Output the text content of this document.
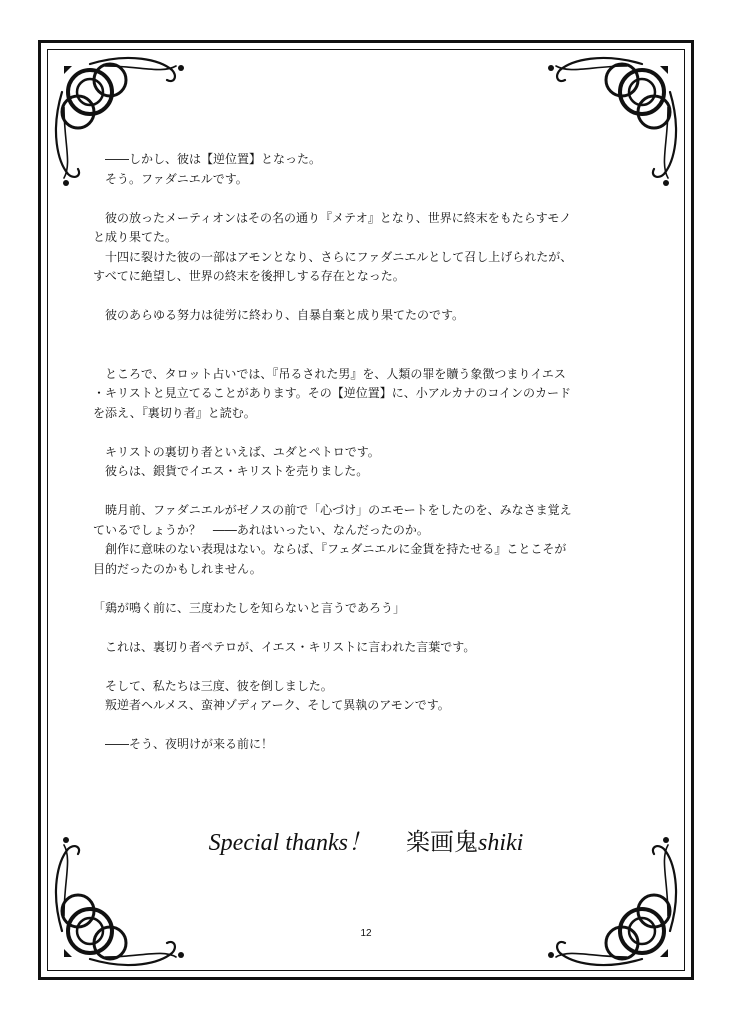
――しかし、彼は【逆位置】となった。
そう。ファダニエルです。

彼の放ったメーティオンはその名の通り『メテオ』となり、世界に終末をもたらすモノ
と成り果てた。
十四に裂けた彼の一部はアモンとなり、さらにファダニエルとして召し上げられたが、
すべてに絶望し、世界の終末を後押しする存在となった。

彼のあらゆる努力は徒労に終わり、自暴自棄と成り果てたのです。

ところで、タロット占いでは、『吊るされた男』を、人類の罪を贖う象徴つまりイエス
・キリストと見立てることがあります。その【逆位置】に、小アルカナのコインのカード
を添え、『裏切り者』と読む。

キリストの裏切り者といえば、ユダとペトロです。
彼らは、銀貨でイエス・キリストを売りました。

暁月前、ファダニエルがゼノスの前で「心づけ」のエモートをしたのを、みなさま覚え
ているでしょうか？　――あれはいったい、なんだったのか。
創作に意味のない表現はない。ならば、『フェダニエルに金貨を持たせる』ことこそが
目的だったのかもしれません。

「鶏が鳴く前に、三度わたしを知らないと言うであろう」

これは、裏切り者ペテロが、イエス・キリストに言われた言葉です。

そして、私たちは三度、彼を倒しました。
叛逆者ヘルメス、蛮神ゾディアーク、そして異執のアモンです。

――そう、夜明けが来る前に！

Special thanks！ 楽画鬼shiki
12
